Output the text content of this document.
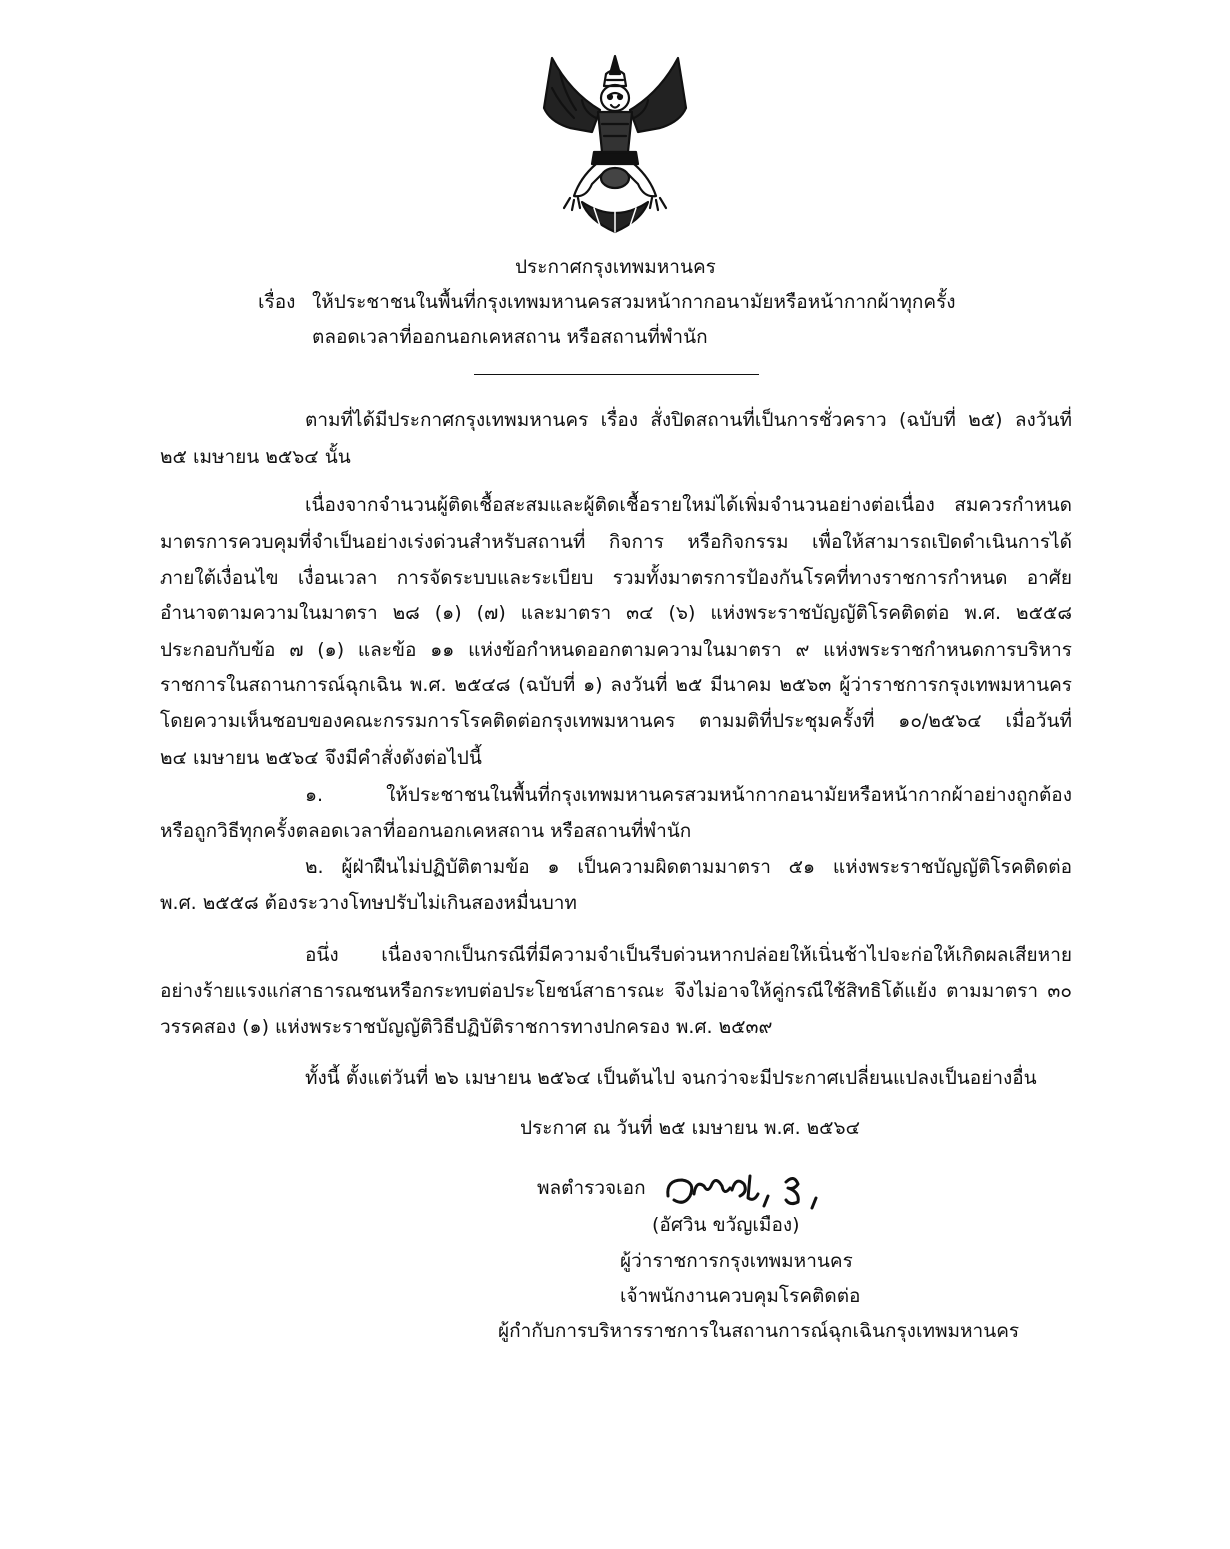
ประกาศกรุงเทพมหานคร
เรื่อง ให้ประชาชนในพื้นที่กรุงเทพมหานครสวมหน้ากากอนามัยหรือหน้ากากผ้าทุกครั้ง
ตลอดเวลาที่ออกนอกเคหสถาน หรือสถานที่พำนัก
ตามที่ได้มีประกาศกรุงเทพมหานคร เรื่อง สั่งปิดสถานที่เป็นการชั่วคราว (ฉบับที่ ๒๕) ลงวันที่
๒๕ เมษายน ๒๕๖๔ นั้น
เนื่องจากจำนวนผู้ติดเชื้อสะสมและผู้ติดเชื้อรายใหม่ได้เพิ่มจำนวนอย่างต่อเนื่อง สมควรกำหนด
มาตรการควบคุมที่จำเป็นอย่างเร่งด่วนสำหรับสถานที่ กิจการ หรือกิจกรรม เพื่อให้สามารถเปิดดำเนินการได้
ภายใต้เงื่อนไข เงื่อนเวลา การจัดระบบและระเบียบ รวมทั้งมาตรการป้องกันโรคที่ทางราชการกำหนด อาศัย
อำนาจตามความในมาตรา ๒๘ (๑) (๗) และมาตรา ๓๔ (๖) แห่งพระราชบัญญัติโรคติดต่อ พ.ศ. ๒๕๕๘
ประกอบกับข้อ ๗ (๑) และข้อ ๑๑ แห่งข้อกำหนดออกตามความในมาตรา ๙ แห่งพระราชกำหนดการบริหาร
ราชการในสถานการณ์ฉุกเฉิน พ.ศ. ๒๕๔๘ (ฉบับที่ ๑) ลงวันที่ ๒๕ มีนาคม ๒๕๖๓ ผู้ว่าราชการกรุงเทพมหานคร
โดยความเห็นชอบของคณะกรรมการโรคติดต่อกรุงเทพมหานคร ตามมติที่ประชุมครั้งที่ ๑๐/๒๕๖๔ เมื่อวันที่
๒๔ เมษายน ๒๕๖๔ จึงมีคำสั่งดังต่อไปนี้
๑. ให้ประชาชนในพื้นที่กรุงเทพมหานครสวมหน้ากากอนามัยหรือหน้ากากผ้าอย่างถูกต้อง
หรือถูกวิธีทุกครั้งตลอดเวลาที่ออกนอกเคหสถาน หรือสถานที่พำนัก
๒. ผู้ฝ่าฝืนไม่ปฏิบัติตามข้อ ๑ เป็นความผิดตามมาตรา ๕๑ แห่งพระราชบัญญัติโรคติดต่อ
พ.ศ. ๒๕๕๘ ต้องระวางโทษปรับไม่เกินสองหมื่นบาท
อนึ่ง เนื่องจากเป็นกรณีที่มีความจำเป็นรีบด่วนหากปล่อยให้เนิ่นช้าไปจะก่อให้เกิดผลเสียหาย
อย่างร้ายแรงแก่สาธารณชนหรือกระทบต่อประโยชน์สาธารณะ จึงไม่อาจให้คู่กรณีใช้สิทธิโต้แย้ง ตามมาตรา ๓๐
วรรคสอง (๑) แห่งพระราชบัญญัติวิธีปฏิบัติราชการทางปกครอง พ.ศ. ๒๕๓๙
ทั้งนี้ ตั้งแต่วันที่ ๒๖ เมษายน ๒๕๖๔ เป็นต้นไป จนกว่าจะมีประกาศเปลี่ยนแปลงเป็นอย่างอื่น
ประกาศ ณ วันที่ ๒๕ เมษายน พ.ศ. ๒๕๖๔
พลตำรวจเอก
(อัศวิน ขวัญเมือง)
ผู้ว่าราชการกรุงเทพมหานคร
เจ้าพนักงานควบคุมโรคติดต่อ
ผู้กำกับการบริหารราชการในสถานการณ์ฉุกเฉินกรุงเทพมหานคร
